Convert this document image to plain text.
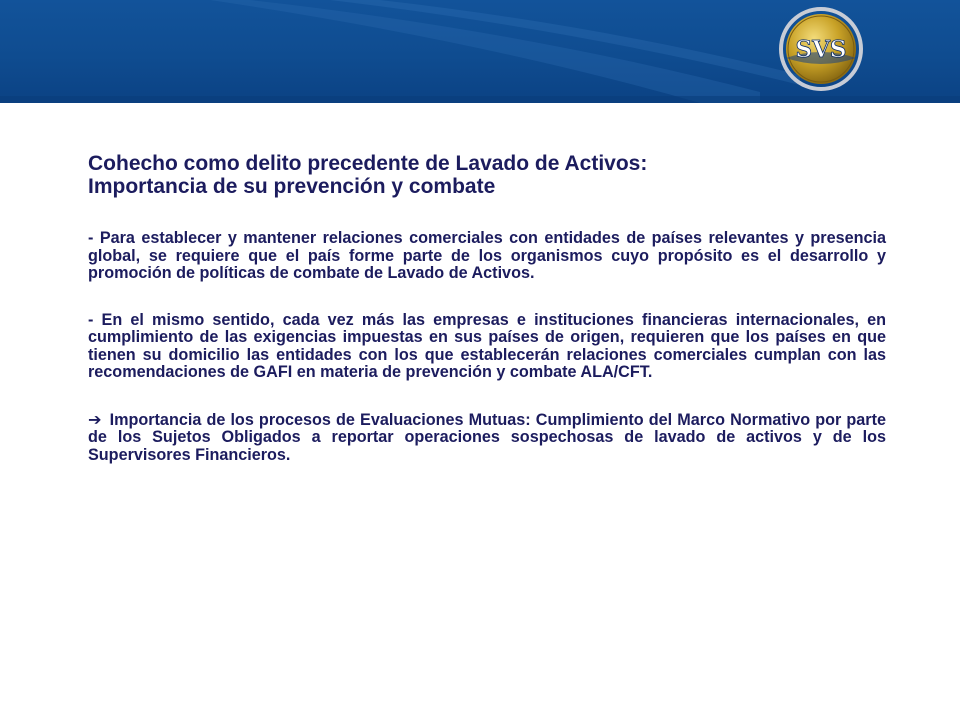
SVS
Cohecho como delito precedente de Lavado de Activos:
Importancia de su prevención y combate
- Para establecer y mantener relaciones comerciales con entidades de países relevantes y presencia global, se requiere que el país forme parte de los organismos cuyo propósito es el desarrollo y promoción de políticas de combate de Lavado de Activos.
- En el mismo sentido, cada vez más las empresas e instituciones financieras internacionales, en cumplimiento de las exigencias impuestas en sus países de origen, requieren que los países en que tienen su domicilio las entidades con los que establecerán relaciones comerciales cumplan con las recomendaciones de GAFI en materia de prevención y combate ALA/CFT.
➔ Importancia de los procesos de Evaluaciones Mutuas: Cumplimiento del Marco Normativo por parte de los Sujetos Obligados a reportar operaciones sospechosas de lavado de activos y de los Supervisores Financieros.
